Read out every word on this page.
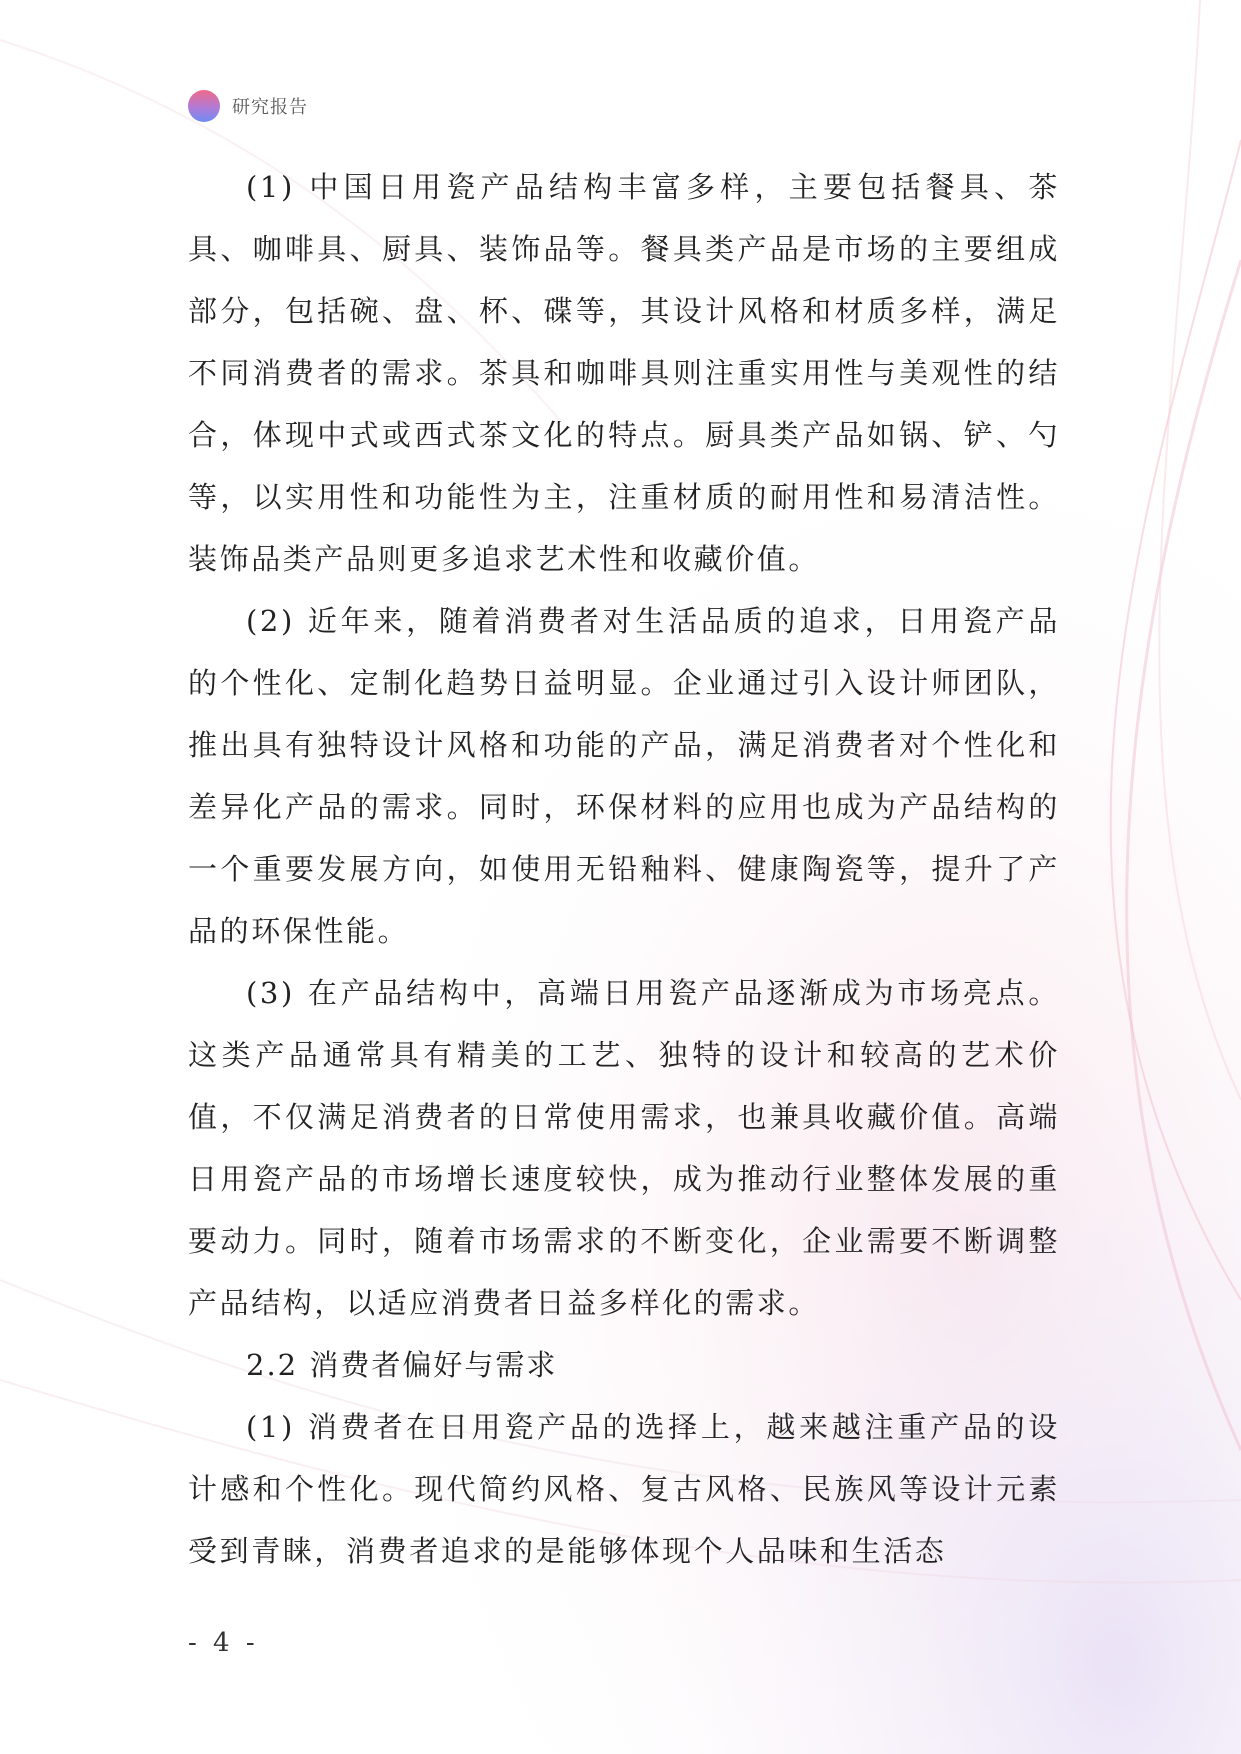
研究报告

(1) 中国日用瓷产品结构丰富多样，主要包括餐具、茶具、咖啡具、厨具、装饰品等。餐具类产品是市场的主要组成部分，包括碗、盘、杯、碟等，其设计风格和材质多样，满足不同消费者的需求。茶具和咖啡具则注重实用性与美观性的结合，体现中式或西式茶文化的特点。厨具类产品如锅、铲、勺等，以实用性和功能性为主，注重材质的耐用性和易清洁性。装饰品类产品则更多追求艺术性和收藏价值。

(2) 近年来，随着消费者对生活品质的追求，日用瓷产品的个性化、定制化趋势日益明显。企业通过引入设计师团队，推出具有独特设计风格和功能的产品，满足消费者对个性化和差异化产品的需求。同时，环保材料的应用也成为产品结构的一个重要发展方向，如使用无铅釉料、健康陶瓷等，提升了产品的环保性能。

(3) 在产品结构中，高端日用瓷产品逐渐成为市场亮点。这类产品通常具有精美的工艺、独特的设计和较高的艺术价值，不仅满足消费者的日常使用需求，也兼具收藏价值。高端日用瓷产品的市场增长速度较快，成为推动行业整体发展的重要动力。同时，随着市场需求的不断变化，企业需要不断调整产品结构，以适应消费者日益多样化的需求。

2.2 消费者偏好与需求

(1) 消费者在日用瓷产品的选择上，越来越注重产品的设计感和个性化。现代简约风格、复古风格、民族风等设计元素受到青睐，消费者追求的是能够体现个人品味和生活态

- 4 -
